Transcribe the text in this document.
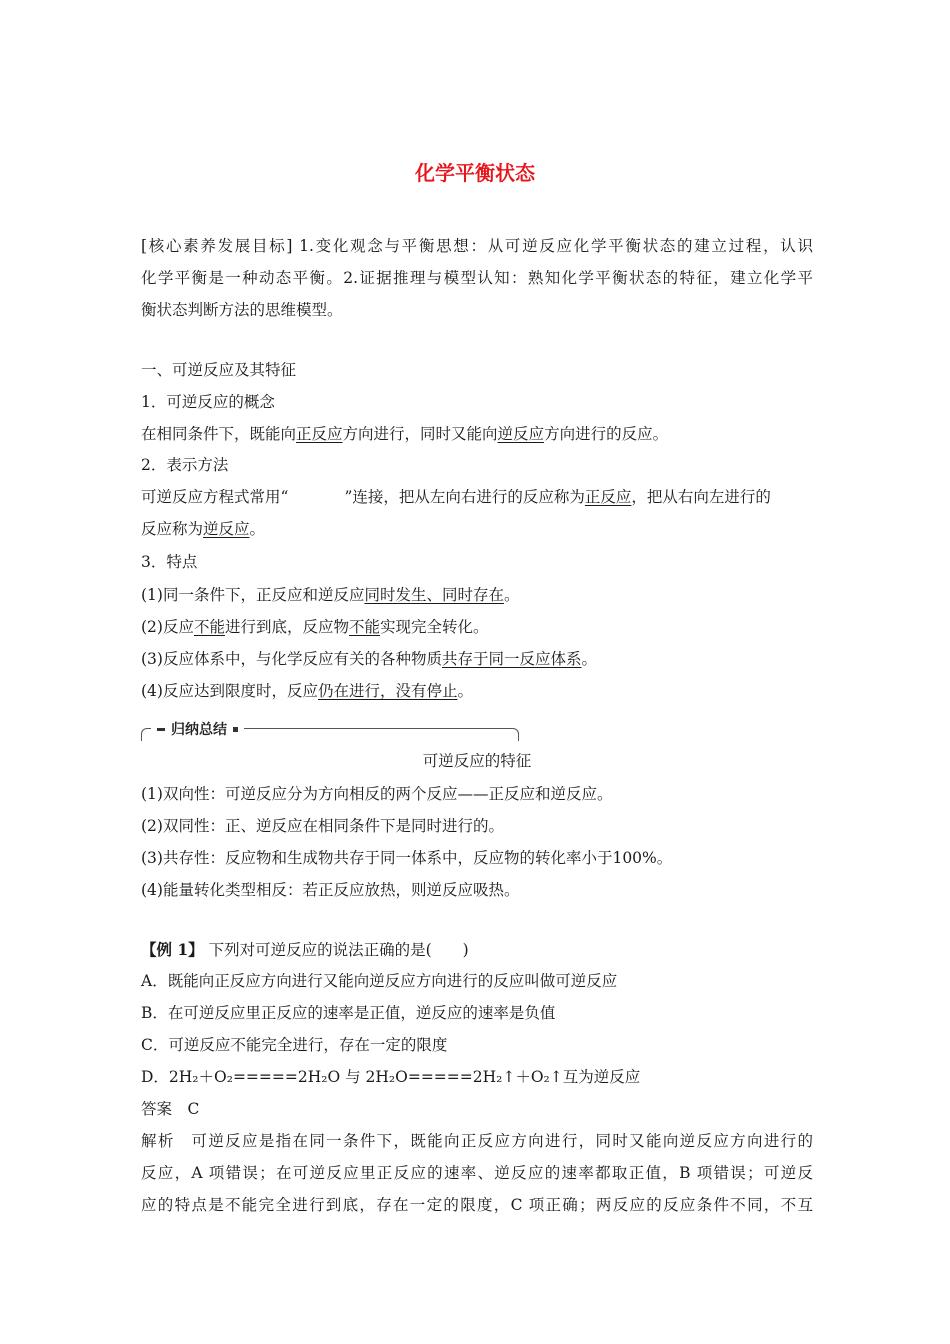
化学平衡状态
[核心素养发展目标] 1.变化观念与平衡思想：从可逆反应化学平衡状态的建立过程，认识
化学平衡是一种动态平衡。2.证据推理与模型认知：熟知化学平衡状态的特征，建立化学平
衡状态判断方法的思维模型。
一、可逆反应及其特征
1．可逆反应的概念
在相同条件下，既能向正反应方向进行，同时又能向逆反应方向进行的反应。
2．表示方法
可逆反应方程式常用“	”连接，把从左向右进行的反应称为正反应，把从右向左进行的
反应称为逆反应。
3．特点
(1)同一条件下，正反应和逆反应同时发生、同时存在。
(2)反应不能进行到底，反应物不能实现完全转化。
(3)反应体系中，与化学反应有关的各种物质共存于同一反应体系。
(4)反应达到限度时，反应仍在进行，没有停止。
归纳总结
可逆反应的特征
(1)双向性：可逆反应分为方向相反的两个反应——正反应和逆反应。
(2)双同性：正、逆反应在相同条件下是同时进行的。
(3)共存性：反应物和生成物共存于同一体系中，反应物的转化率小于100%。
(4)能量转化类型相反：若正反应放热，则逆反应吸热。
【例 1】 下列对可逆反应的说法正确的是(　　)
A．既能向正反应方向进行又能向逆反应方向进行的反应叫做可逆反应
B．在可逆反应里正反应的速率是正值，逆反应的速率是负值
C．可逆反应不能完全进行，存在一定的限度
D．2H₂＋O₂=====2H₂O 与 2H₂O=====2H₂↑＋O₂↑互为逆反应
答案　C
解析　可逆反应是指在同一条件下，既能向正反应方向进行，同时又能向逆反应方向进行的
反应，A 项错误；在可逆反应里正反应的速率、逆反应的速率都取正值，B 项错误；可逆反
应的特点是不能完全进行到底，存在一定的限度，C 项正确；两反应的反应条件不同，不互
